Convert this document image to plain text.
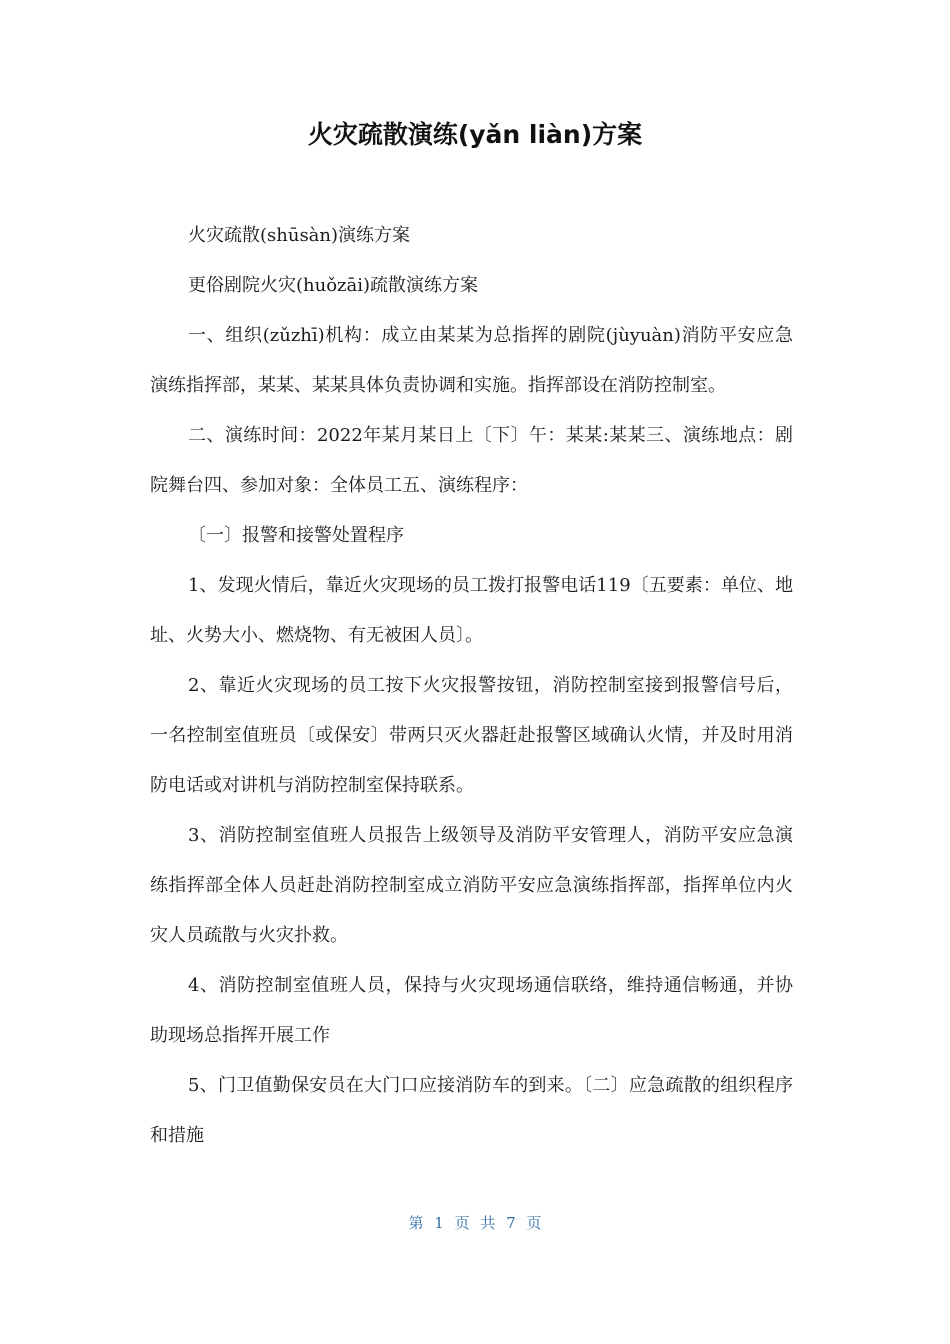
火灾疏散演练(yǎn liàn)方案

火灾疏散(shūsàn)演练方案

更俗剧院火灾(huǒzāi)疏散演练方案

一、组织(zǔzhī)机构：成立由某某为总指挥的剧院(jùyuàn)消防平安应急演练指挥部，某某、某某具体负责协调和实施。指挥部设在消防控制室。

二、演练时间：2022年某月某日上〔下〕午：某某:某某三、演练地点：剧院舞台四、参加对象：全体员工五、演练程序：

〔一〕报警和接警处置程序

1、发现火情后，靠近火灾现场的员工拨打报警电话119〔五要素：单位、地址、火势大小、燃烧物、有无被困人员〕。

2、靠近火灾现场的员工按下火灾报警按钮，消防控制室接到报警信号后，一名控制室值班员〔或保安〕带两只灭火器赶赴报警区域确认火情，并及时用消防电话或对讲机与消防控制室保持联系。

3、消防控制室值班人员报告上级领导及消防平安管理人，消防平安应急演练指挥部全体人员赶赴消防控制室成立消防平安应急演练指挥部，指挥单位内火灾人员疏散与火灾扑救。

4、消防控制室值班人员，保持与火灾现场通信联络，维持通信畅通，并协助现场总指挥开展工作

5、门卫值勤保安员在大门口应接消防车的到来。〔二〕应急疏散的组织程序和措施

第 1 页 共 7 页
